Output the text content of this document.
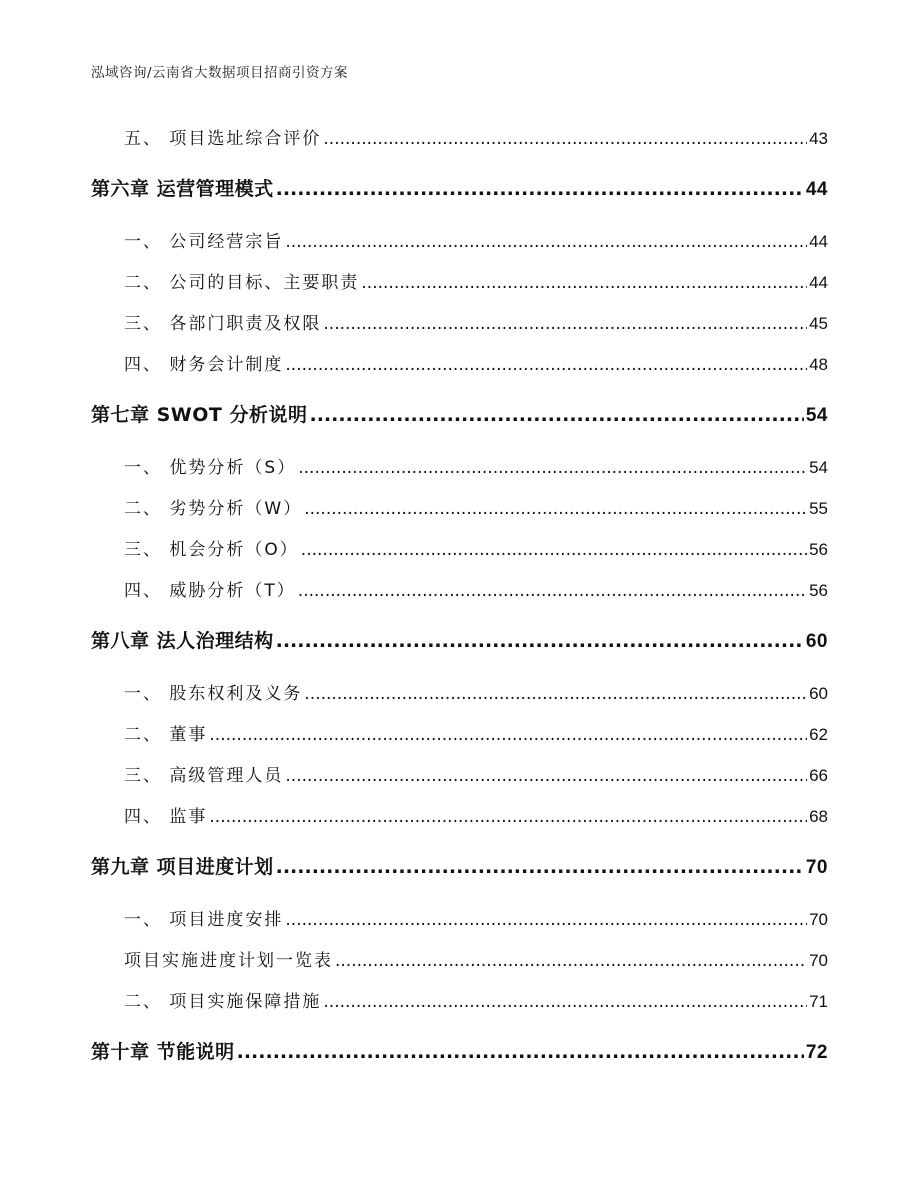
泓域咨询/云南省大数据项目招商引资方案
五、 项目选址综合评价 .....	43
第六章 运营管理模式 .....	44
一、 公司经营宗旨 .....	44
二、 公司的目标、主要职责 .....	44
三、 各部门职责及权限 .....	45
四、 财务会计制度 .....	48
第七章 SWOT 分析说明 .....	54
一、 优势分析（S） .....	54
二、 劣势分析（W） .....	55
三、 机会分析（O） .....	56
四、 威胁分析（T） .....	56
第八章 法人治理结构 .....	60
一、 股东权利及义务 .....	60
二、 董事 .....	62
三、 高级管理人员 .....	66
四、 监事 .....	68
第九章 项目进度计划 .....	70
一、 项目进度安排 .....	70
项目实施进度计划一览表 .....	70
二、 项目实施保障措施 .....	71
第十章 节能说明 .....	72
